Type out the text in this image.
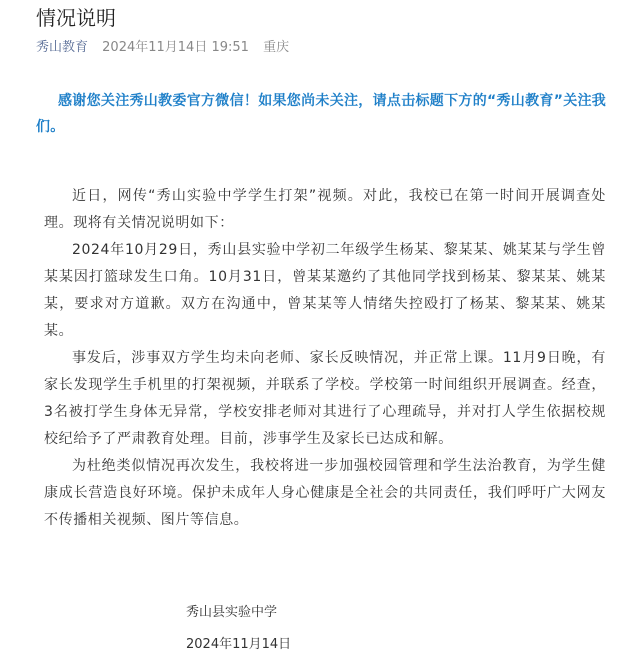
情况说明
秀山教育 2024年11月14日 19:51 重庆
感谢您关注秀山教委官方微信！如果您尚未关注，请点击标题下方的“秀山教育”关注我们。

近日，网传“秀山实验中学学生打架”视频。对此，我校已在第一时间开展调查处理。现将有关情况说明如下：

2024年10月29日，秀山县实验中学初二年级学生杨某、黎某某、姚某某与学生曾某某因打篮球发生口角。10月31日，曾某某邀约了其他同学找到杨某、黎某某、姚某某，要求对方道歉。双方在沟通中，曾某某等人情绪失控殴打了杨某、黎某某、姚某某。

事发后，涉事双方学生均未向老师、家长反映情况，并正常上课。11月9日晚，有家长发现学生手机里的打架视频，并联系了学校。学校第一时间组织开展调查。经查，3名被打学生身体无异常，学校安排老师对其进行了心理疏导，并对打人学生依据校规校纪给予了严肃教育处理。目前，涉事学生及家长已达成和解。

为杜绝类似情况再次发生，我校将进一步加强校园管理和学生法治教育，为学生健康成长营造良好环境。保护未成年人身心健康是全社会的共同责任，我们呼吁广大网友不传播相关视频、图片等信息。

秀山县实验中学
2024年11月14日
